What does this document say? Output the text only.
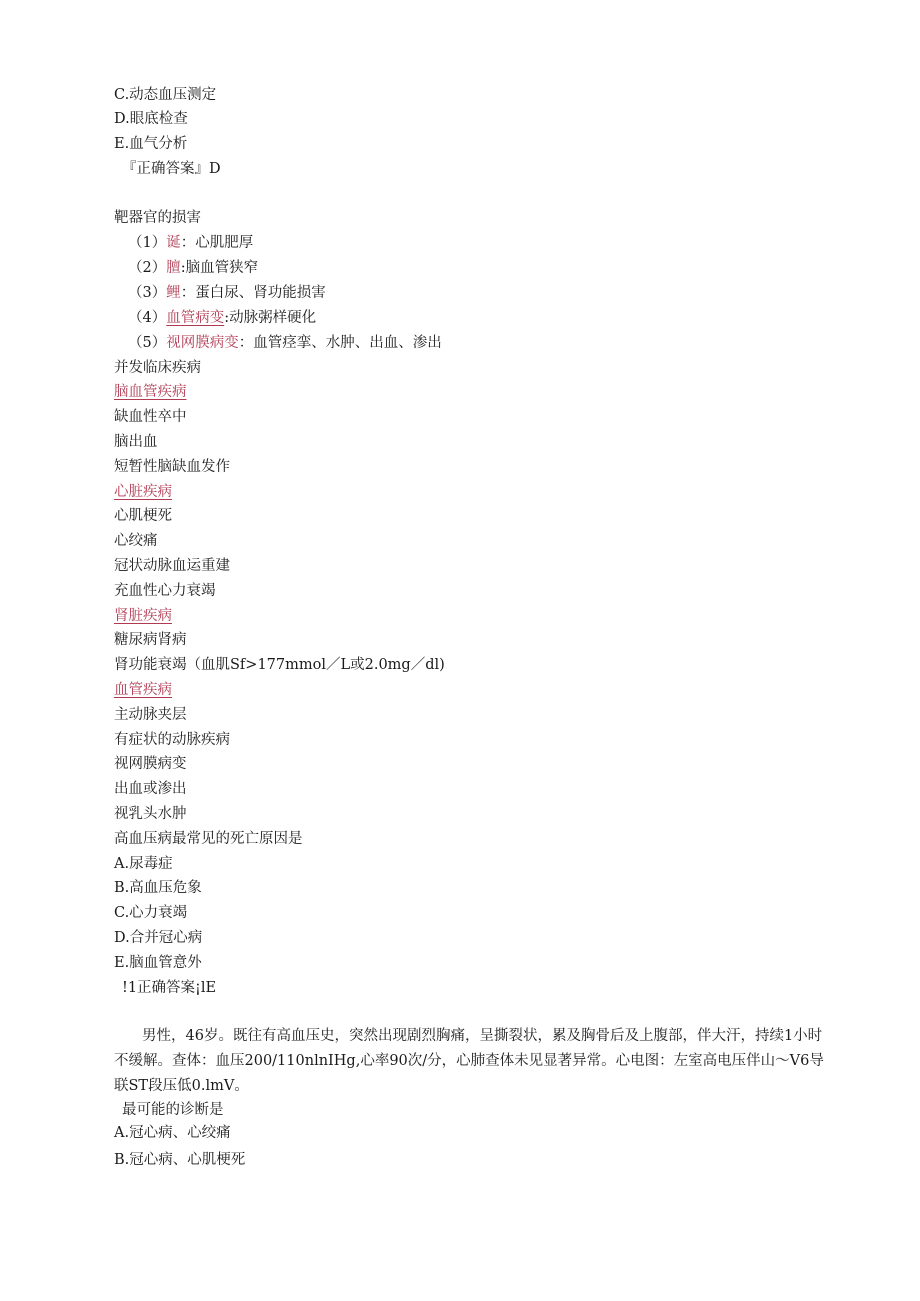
C.动态血压测定
D.眼底检查
E.血气分析
『正确答案』D
靶器官的损害
（1）诞：心肌肥厚
（2）膻:脑血管狭窄
（3）鲤：蛋白尿、肾功能损害
（4）血管病变:动脉粥样硬化
（5）视网膜病变：血管痉挛、水肿、出血、渗出
并发临床疾病
脑血管疾病
缺血性卒中
脑出血
短暂性脑缺血发作
心脏疾病
心肌梗死
心绞痛
冠状动脉血运重建
充血性心力衰竭
肾脏疾病
糖尿病肾病
肾功能衰竭（血肌Sf>177mmol／L或2.0mg／dl)
血管疾病
主动脉夹层
有症状的动脉疾病
视网膜病变
出血或渗出
视乳头水肿
高血压病最常见的死亡原因是
A.尿毒症
B.高血压危象
C.心力衰竭
D.合并冠心病
E.脑血管意外
!1正确答案¡lE
男性，46岁。既往有高血压史，突然出现剧烈胸痛，呈撕裂状，累及胸骨后及上腹部，伴大汗，持续1小时不缓解。查体：血压200/110nlnIHg,心率90次/分，心肺查体未见显著异常。心电图：左室高电压伴山～V6导联ST段压低0.lmV。
最可能的诊断是
A.冠心病、心绞痛
B.冠心病、心肌梗死
